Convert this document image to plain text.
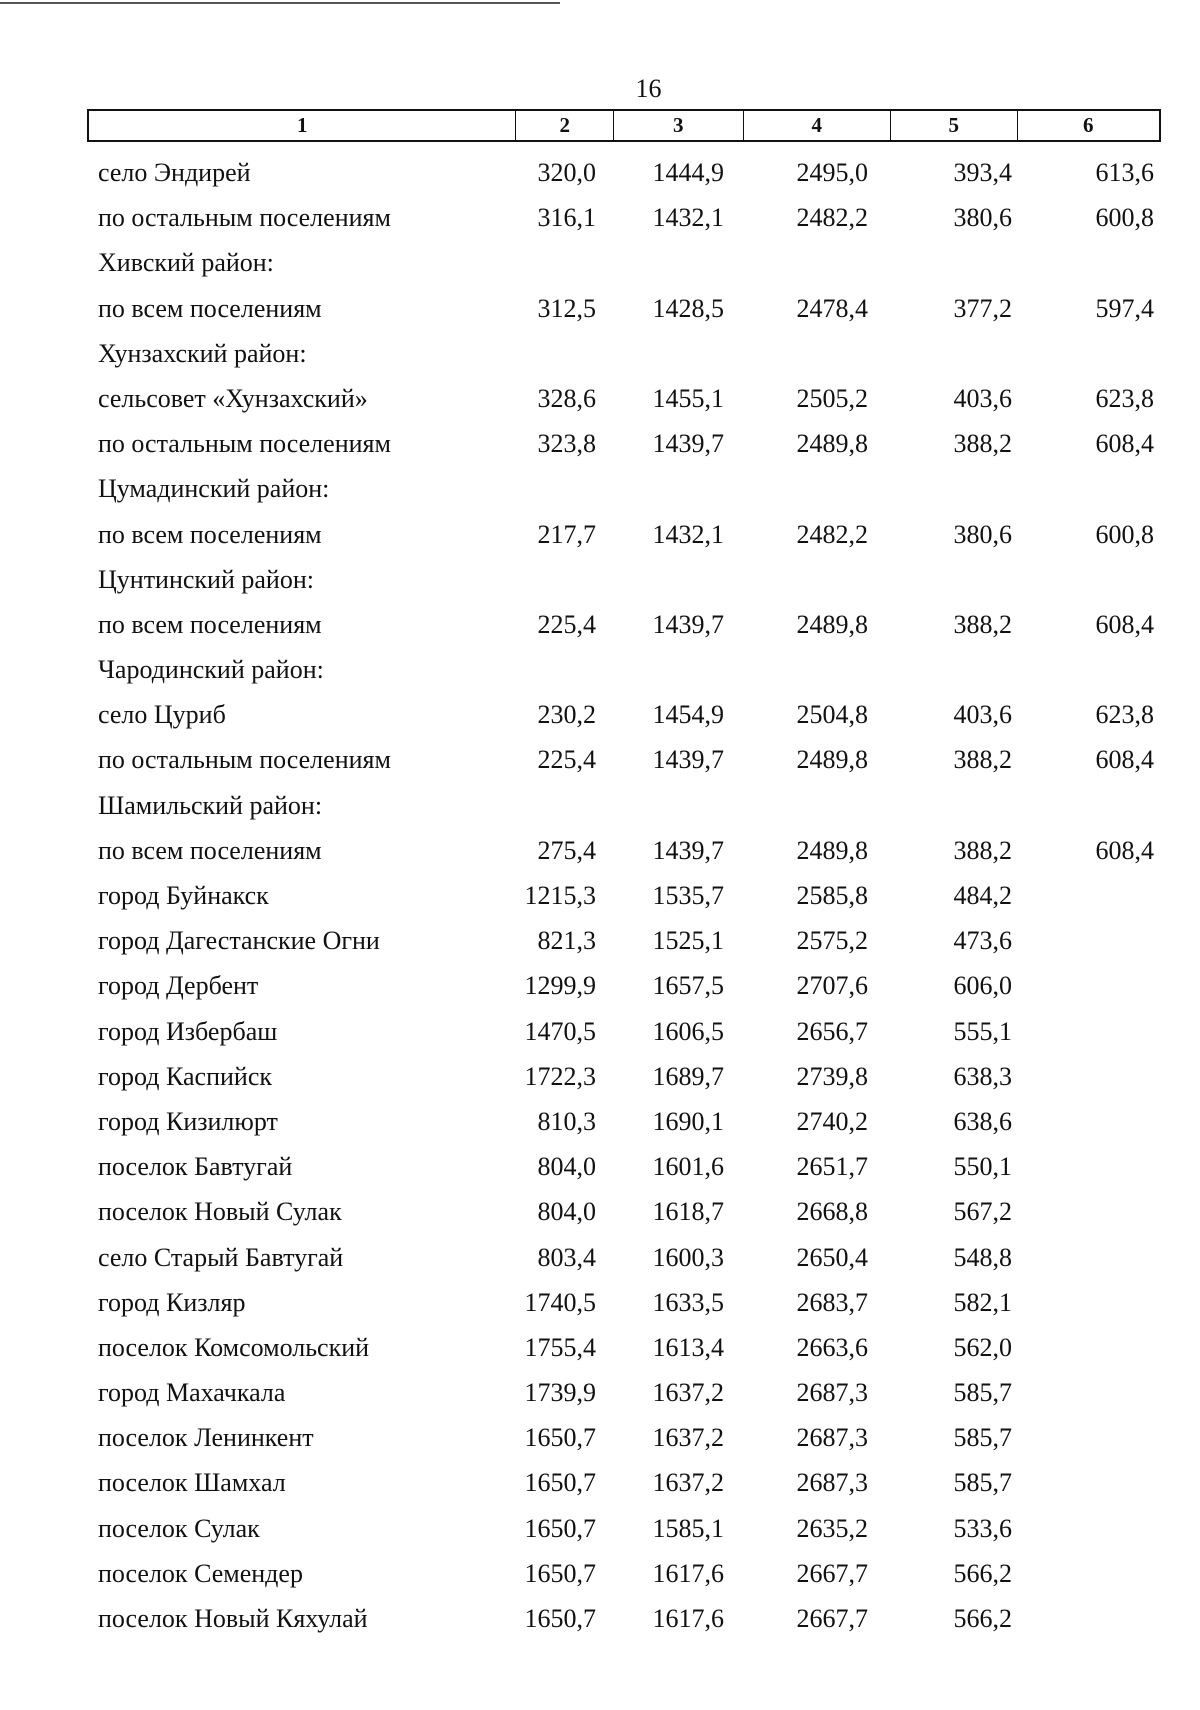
16
1	2	3	4	5	6
село Эндирей	320,0	1444,9	2495,0	393,4	613,6
по остальным поселениям	316,1	1432,1	2482,2	380,6	600,8
Хивский район:
по всем поселениям	312,5	1428,5	2478,4	377,2	597,4
Хунзахский район:
сельсовет «Хунзахский»	328,6	1455,1	2505,2	403,6	623,8
по остальным поселениям	323,8	1439,7	2489,8	388,2	608,4
Цумадинский район:
по всем поселениям	217,7	1432,1	2482,2	380,6	600,8
Цунтинский район:
по всем поселениям	225,4	1439,7	2489,8	388,2	608,4
Чародинский район:
село Цуриб	230,2	1454,9	2504,8	403,6	623,8
по остальным поселениям	225,4	1439,7	2489,8	388,2	608,4
Шамильский район:
по всем поселениям	275,4	1439,7	2489,8	388,2	608,4
город Буйнакск	1215,3	1535,7	2585,8	484,2
город Дагестанские Огни	821,3	1525,1	2575,2	473,6
город Дербент	1299,9	1657,5	2707,6	606,0
город Избербаш	1470,5	1606,5	2656,7	555,1
город Каспийск	1722,3	1689,7	2739,8	638,3
город Кизилюрт	810,3	1690,1	2740,2	638,6
поселок Бавтугай	804,0	1601,6	2651,7	550,1
поселок Новый Сулак	804,0	1618,7	2668,8	567,2
село Старый Бавтугай	803,4	1600,3	2650,4	548,8
город Кизляр	1740,5	1633,5	2683,7	582,1
поселок Комсомольский	1755,4	1613,4	2663,6	562,0
город Махачкала	1739,9	1637,2	2687,3	585,7
поселок Ленинкент	1650,7	1637,2	2687,3	585,7
поселок Шамхал	1650,7	1637,2	2687,3	585,7
поселок Сулак	1650,7	1585,1	2635,2	533,6
поселок Семендер	1650,7	1617,6	2667,7	566,2
поселок Новый Кяхулай	1650,7	1617,6	2667,7	566,2
